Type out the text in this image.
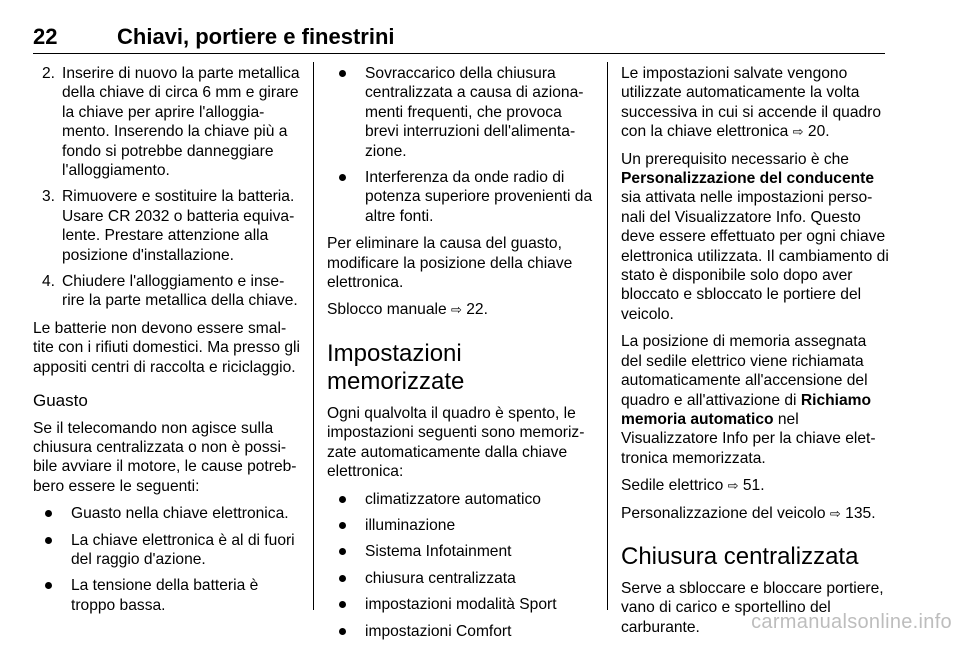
22	Chiavi, portiere e finestrini
2. Inserire di nuovo la parte metallica della chiave di circa 6 mm e girare la chiave per aprire l'alloggiamento. Inserendo la chiave più a fondo si potrebbe danneggiare l'alloggiamento.
3. Rimuovere e sostituire la batteria. Usare CR 2032 o batteria equivalente. Prestare attenzione alla posizione d'installazione.
4. Chiudere l'alloggiamento e inserire la parte metallica della chiave.

Le batterie non devono essere smaltite con i rifiuti domestici. Ma presso gli appositi centri di raccolta e riciclaggio.

Guasto

Se il telecomando non agisce sulla chiusura centralizzata o non è possibile avviare il motore, le cause potrebbero essere le seguenti:

Guasto nella chiave elettronica.
La chiave elettronica è al di fuori del raggio d'azione.
La tensione della batteria è troppo bassa.
Sovraccarico della chiusura centralizzata a causa di azionamenti frequenti, che provoca brevi interruzioni dell'alimentazione.
Interferenza da onde radio di potenza superiore provenienti da altre fonti.

Per eliminare la causa del guasto, modificare la posizione della chiave elettronica.

Sblocco manuale ⇨ 22.

Impostazioni memorizzate

Ogni qualvolta il quadro è spento, le impostazioni seguenti sono memorizzate automaticamente dalla chiave elettronica:

climatizzatore automatico
illuminazione
Sistema Infotainment
chiusura centralizzata
impostazioni modalità Sport
impostazioni Comfort

Le impostazioni salvate vengono utilizzate automaticamente la volta successiva in cui si accende il quadro con la chiave elettronica ⇨ 20.

Un prerequisito necessario è che Personalizzazione del conducente sia attivata nelle impostazioni personali del Visualizzatore Info. Questo deve essere effettuato per ogni chiave elettronica utilizzata. Il cambiamento di stato è disponibile solo dopo aver bloccato e sbloccato le portiere del veicolo.

La posizione di memoria assegnata del sedile elettrico viene richiamata automaticamente all'accensione del quadro e all'attivazione di Richiamo memoria automatico nel Visualizzatore Info per la chiave elettronica memorizzata.

Sedile elettrico ⇨ 51.

Personalizzazione del veicolo ⇨ 135.

Chiusura centralizzata

Serve a sbloccare e bloccare portiere, vano di carico e sportellino del carburante.	carmanualsonline.info
